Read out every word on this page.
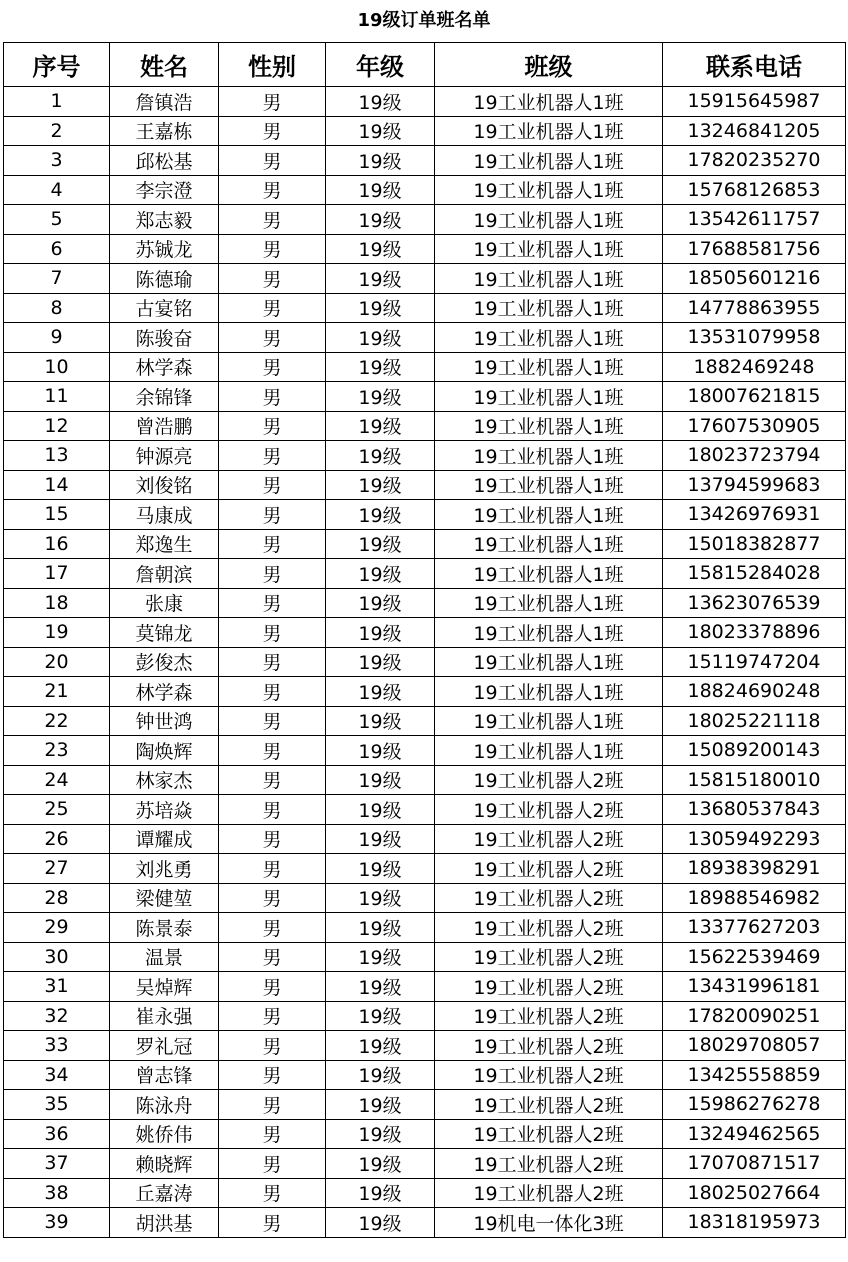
19级订单班名单
序号	姓名	性别	年级	班级	联系电话
1	詹镇浩	男	19级	19工业机器人1班	15915645987
2	王嘉栋	男	19级	19工业机器人1班	13246841205
3	邱松基	男	19级	19工业机器人1班	17820235270
4	李宗澄	男	19级	19工业机器人1班	15768126853
5	郑志毅	男	19级	19工业机器人1班	13542611757
6	苏铖龙	男	19级	19工业机器人1班	17688581756
7	陈德瑜	男	19级	19工业机器人1班	18505601216
8	古宴铭	男	19级	19工业机器人1班	14778863955
9	陈骏奋	男	19级	19工业机器人1班	13531079958
10	林学森	男	19级	19工业机器人1班	1882469248
11	余锦锋	男	19级	19工业机器人1班	18007621815
12	曾浩鹏	男	19级	19工业机器人1班	17607530905
13	钟源亮	男	19级	19工业机器人1班	18023723794
14	刘俊铭	男	19级	19工业机器人1班	13794599683
15	马康成	男	19级	19工业机器人1班	13426976931
16	郑逸生	男	19级	19工业机器人1班	15018382877
17	詹朝滨	男	19级	19工业机器人1班	15815284028
18	张康	男	19级	19工业机器人1班	13623076539
19	莫锦龙	男	19级	19工业机器人1班	18023378896
20	彭俊杰	男	19级	19工业机器人1班	15119747204
21	林学森	男	19级	19工业机器人1班	18824690248
22	钟世鸿	男	19级	19工业机器人1班	18025221118
23	陶焕辉	男	19级	19工业机器人1班	15089200143
24	林家杰	男	19级	19工业机器人2班	15815180010
25	苏培焱	男	19级	19工业机器人2班	13680537843
26	谭耀成	男	19级	19工业机器人2班	13059492293
27	刘兆勇	男	19级	19工业机器人2班	18938398291
28	梁健堃	男	19级	19工业机器人2班	18988546982
29	陈景泰	男	19级	19工业机器人2班	13377627203
30	温景	男	19级	19工业机器人2班	15622539469
31	吴焯辉	男	19级	19工业机器人2班	13431996181
32	崔永强	男	19级	19工业机器人2班	17820090251
33	罗礼冠	男	19级	19工业机器人2班	18029708057
34	曾志锋	男	19级	19工业机器人2班	13425558859
35	陈泳舟	男	19级	19工业机器人2班	15986276278
36	姚侨伟	男	19级	19工业机器人2班	13249462565
37	赖晓辉	男	19级	19工业机器人2班	17070871517
38	丘嘉涛	男	19级	19工业机器人2班	18025027664
39	胡洪基	男	19级	19机电一体化3班	18318195973
